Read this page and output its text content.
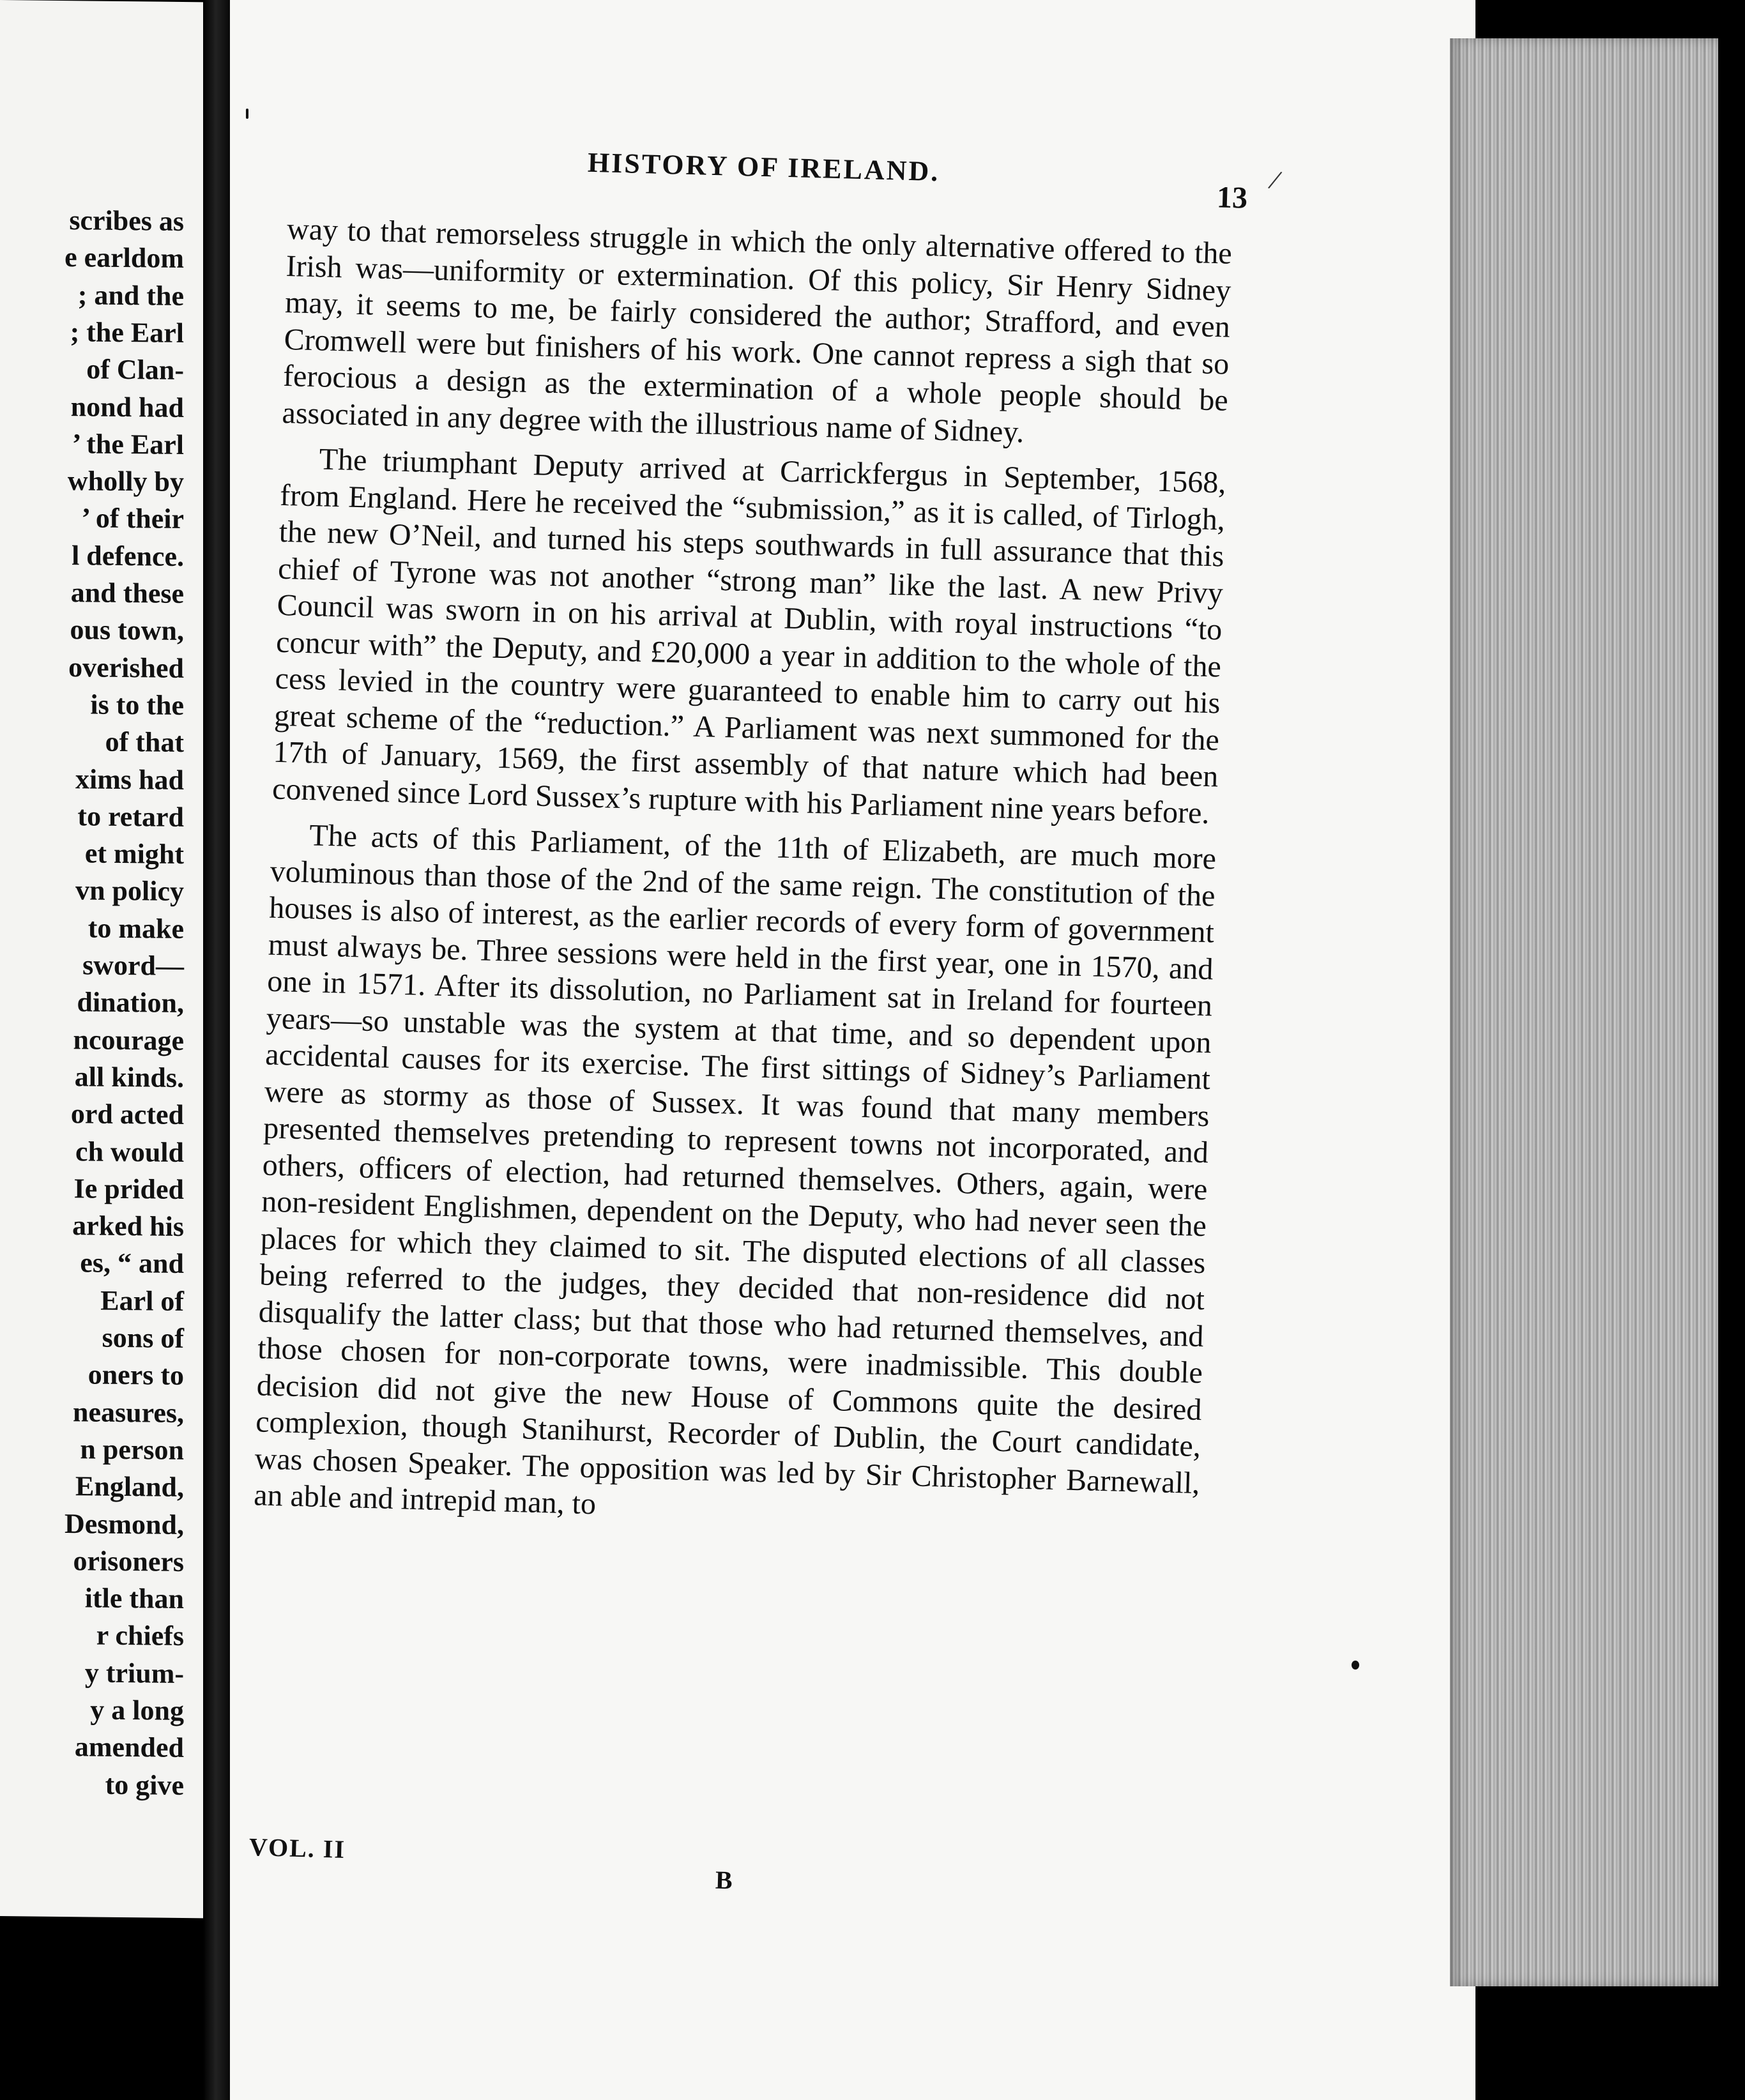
scribes as
e earldom
; and the
; the Earl
of Clan-
nond had
’ the Earl
wholly by
’ of their
l defence.
and these
ous town,
overished
is to the
of that
xims had
to retard
et might
vn policy
to make
sword—
dination,
ncourage
all kinds.
ord acted
ch would
Ie prided
arked his
es, “ and
Earl of
sons of
oners to
neasures,
n person
England,
Desmond,
orisoners
itle than
r chiefs
y trium-
y a long
amended
to give
HISTORY OF IRELAND.
13
/

way to that remorseless struggle in which the only alternative offered to the Irish was—uniformity or extermination. Of this policy, Sir Henry Sidney may, it seems to me, be fairly considered the author; Strafford, and even Cromwell were but finishers of his work. One cannot repress a sigh that so ferocious a design as the extermination of a whole people should be associated in any degree with the illustrious name of Sidney.

The triumphant Deputy arrived at Carrickfergus in September, 1568, from England. Here he received the “submission,” as it is called, of Tirlogh, the new O’Neil, and turned his steps southwards in full assurance that this chief of Tyrone was not another “strong man” like the last. A new Privy Council was sworn in on his arrival at Dublin, with royal instructions “to concur with” the Deputy, and £20,000 a year in addition to the whole of the cess levied in the country were guaranteed to enable him to carry out his great scheme of the “reduction.” A Parliament was next summoned for the 17th of January, 1569, the first assembly of that nature which had been convened since Lord Sussex’s rupture with his Parliament nine years before.

The acts of this Parliament, of the 11th of Elizabeth, are much more voluminous than those of the 2nd of the same reign. The constitution of the houses is also of interest, as the earlier records of every form of government must always be. Three sessions were held in the first year, one in 1570, and one in 1571. After its dissolution, no Parliament sat in Ireland for fourteen years—so unstable was the system at that time, and so dependent upon accidental causes for its exercise. The first sittings of Sidney’s Parliament were as stormy as those of Sussex. It was found that many members presented themselves pretending to represent towns not incorporated, and others, officers of election, had returned themselves. Others, again, were non-resident Englishmen, dependent on the Deputy, who had never seen the places for which they claimed to sit. The disputed elections of all classes being referred to the judges, they decided that non-residence did not disqualify the latter class; but that those who had returned themselves, and those chosen for non-corporate towns, were inadmissible. This double decision did not give the new House of Commons quite the desired complexion, though Stanihurst, Recorder of Dublin, the Court candidate, was chosen Speaker. The opposition was led by Sir Christopher Barnewall, an able and intrepid man, to

VOL. II
B
